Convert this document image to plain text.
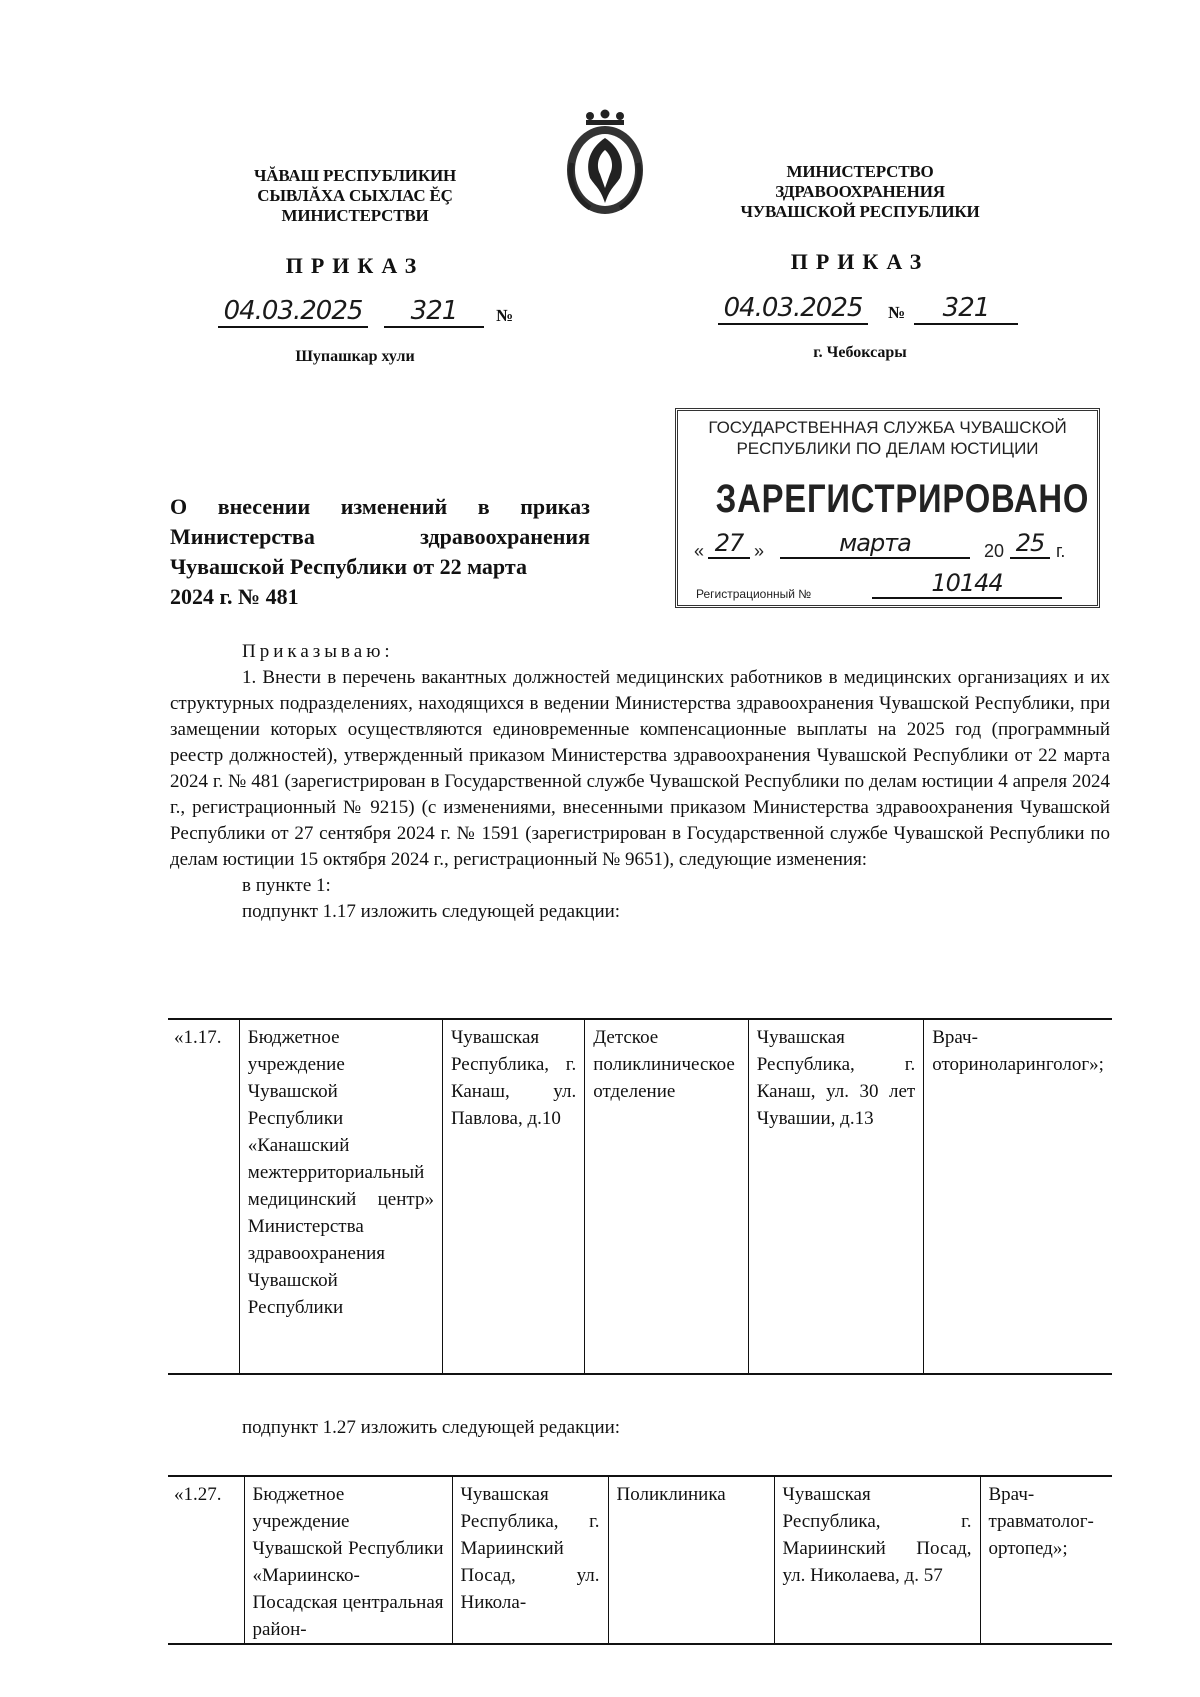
ЧĂВАШ РЕСПУБЛИКИН
СЫВЛĂХА СЫХЛАС ĔÇ
МИНИСТЕРСТВИ
МИНИСТЕРСТВО
ЗДРАВООХРАНЕНИЯ
ЧУВАШСКОЙ РЕСПУБЛИКИ
ПРИКАЗ	ПРИКАЗ
04.03.2025	321	№	04.03.2025	№	321
Шупашкар хули	г. Чебоксары
ГОСУДАРСТВЕННАЯ СЛУЖБА ЧУВАШСКОЙ
РЕСПУБЛИКИ ПО ДЕЛАМ ЮСТИЦИИ
ЗАРЕГИСТРИРОВАНО
« 27 »	марта	20 25 г.
Регистрационный №	10144
О внесении изменений в приказ
Министерства	здравоохранения
Чувашской Республики от 22 марта
2024 г. № 481

Приказываю:

1. Внести в перечень вакантных должностей медицинских работников в медицинских организациях и их структурных подразделениях, находящихся в ведении Министерства здравоохранения Чувашской Республики, при замещении которых осуществляются единовременные компенсационные выплаты на 2025 год (программный реестр должностей), утвержденный приказом Министерства здравоохранения Чувашской Республики от 22 марта 2024 г. № 481 (зарегистрирован в Государственной службе Чувашской Республики по делам юстиции 4 апреля 2024 г., регистрационный № 9215) (с изменениями, внесенными приказом Министерства здравоохранения Чувашской Республики от 27 сентября 2024 г. № 1591 (зарегистрирован в Государственной службе Чувашской Республики по делам юстиции 15 октября 2024 г., регистрационный № 9651), следующие изменения:

в пункте 1:

подпункт 1.17 изложить следующей редакции:

«1.17.	Бюджетное учреждение Чувашской Республики «Канашский межтерриториальный медицинский центр» Министерства здравоохранения Чувашской Республики	Чувашская Республика, г. Канаш, ул. Павлова, д.10	Детское поликлиническое отделение	Чувашская Республика, г. Канаш, ул. 30 лет Чувашии, д.13	Врач-оториноларинголог»;

подпункт 1.27 изложить следующей редакции:

«1.27.	Бюджетное учреждение Чувашской Республики «Мариинско-Посадская центральная район-	Чувашская Республика, г. Мариинский Посад, ул. Никола-	Поликлиника	Чувашская Республика, г. Мариинский Посад, ул. Николаева, д. 57	Врач-травматолог-ортопед»;
